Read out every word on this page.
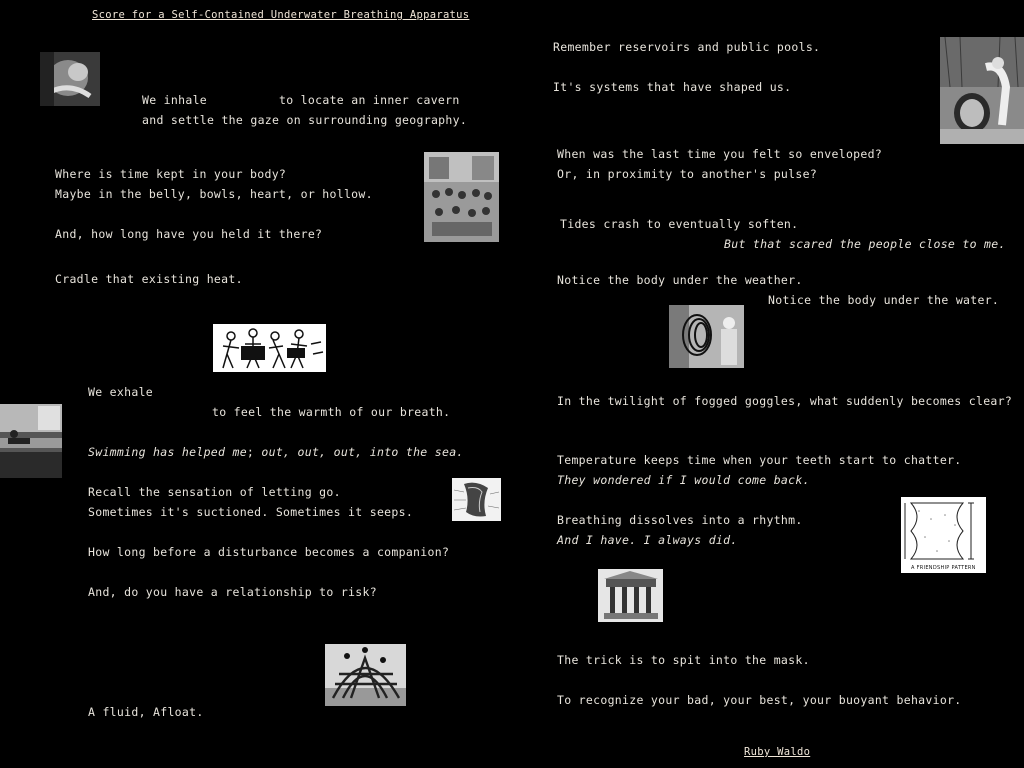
Score for a Self-Contained Underwater Breathing Apparatus
We inhale	to locate an inner cavern
and settle the gaze on surrounding geography.
Where is time kept in your body?
Maybe in the belly, bowls, heart, or hollow.
And, how long have you held it there?
Cradle that existing heat.
We exhale
to feel the warmth of our breath.
Swimming has helped me; out, out, out, into the sea.
Recall the sensation of letting go.
Sometimes it's suctioned. Sometimes it seeps.
How long before a disturbance becomes a companion?
And, do you have a relationship to risk?
A fluid, Afloat.
A FRIENDSHIP PATTERN
Remember reservoirs and public pools.
It's systems that have shaped us.
When was the last time you felt so enveloped?
Or, in proximity to another's pulse?
Tides crash to eventually soften.
But that scared the people close to me.
Notice the body under the weather.
Notice the body under the water.
In the twilight of fogged goggles, what suddenly becomes clear?
Temperature keeps time when your teeth start to chatter.
They wondered if I would come back.
Breathing dissolves into a rhythm.
And I have. I always did.
The trick is to spit into the mask.
To recognize your bad, your best, your buoyant behavior.
Ruby Waldo
